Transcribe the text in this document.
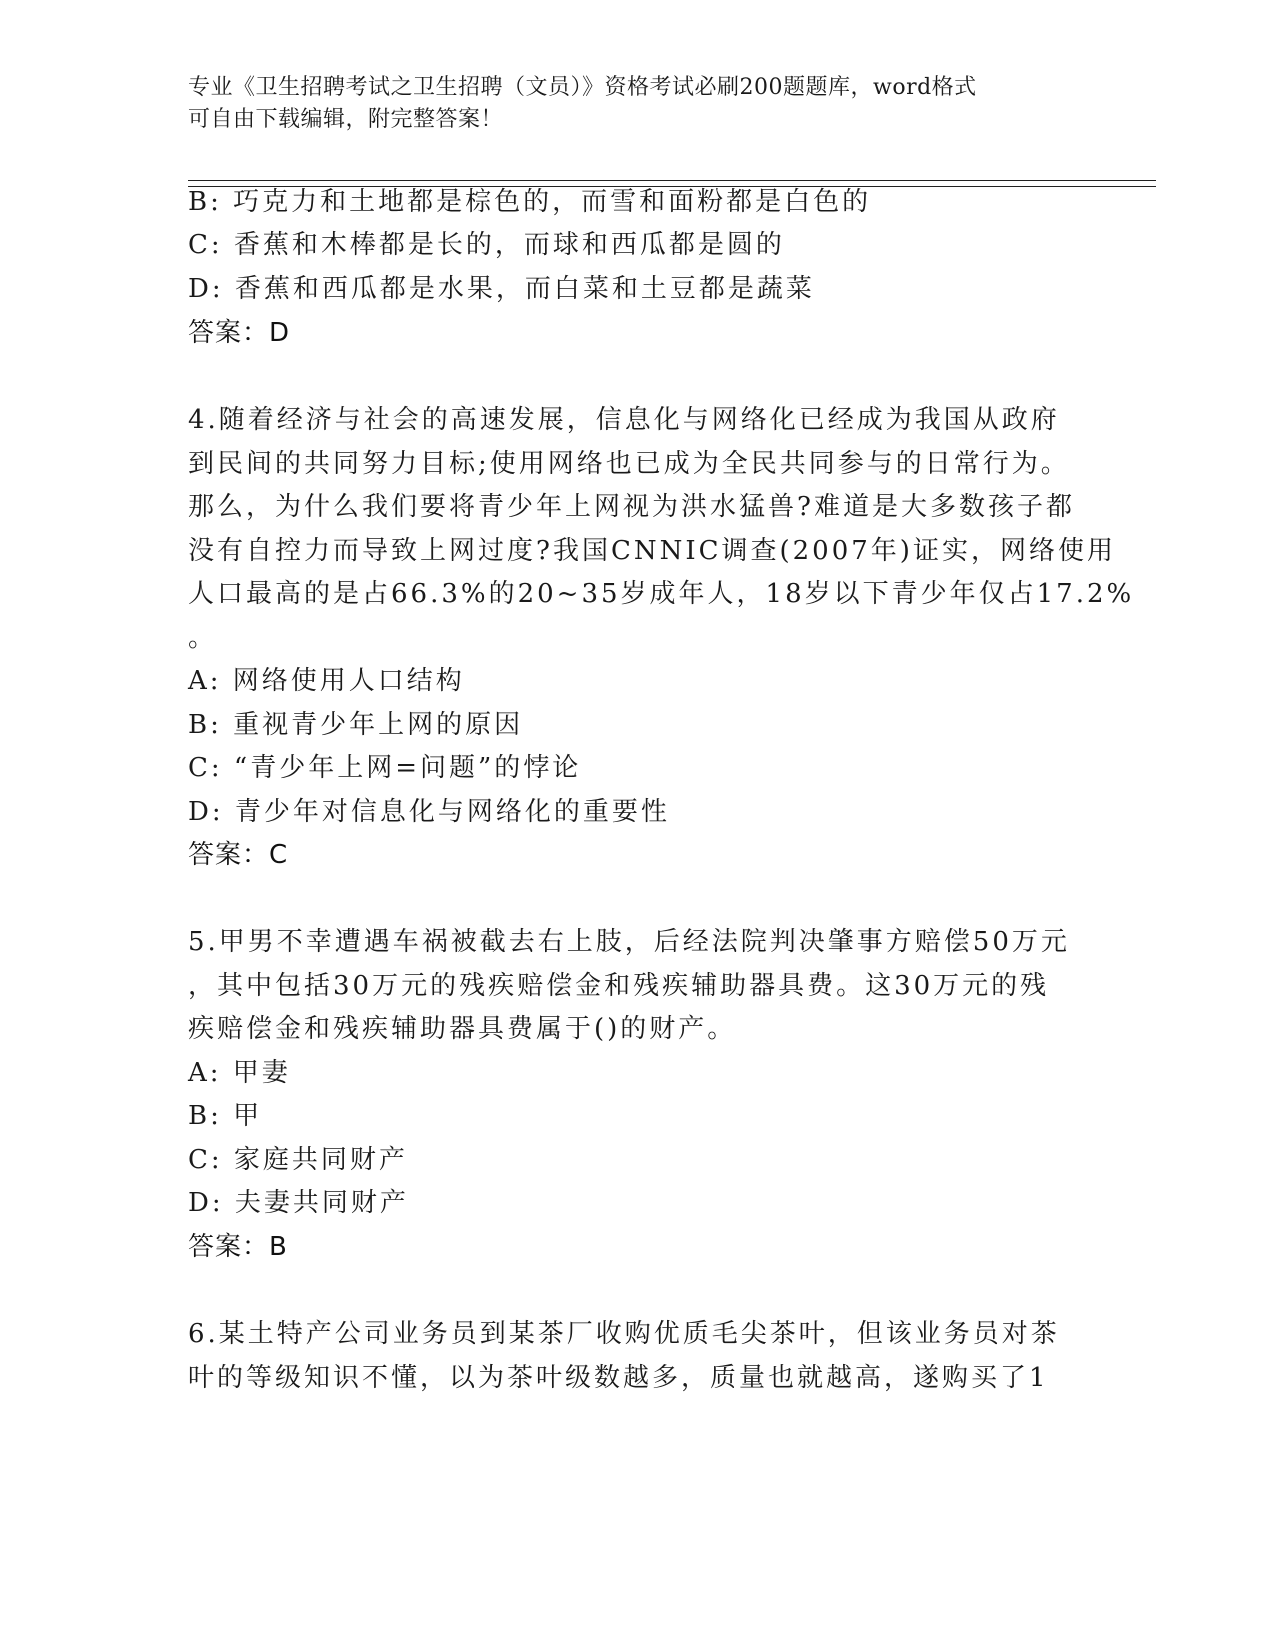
专业《卫生招聘考试之卫生招聘（文员）》资格考试必刷200题题库，word格式
可自由下载编辑，附完整答案！
B: 巧克力和土地都是棕色的，而雪和面粉都是白色的
C: 香蕉和木棒都是长的，而球和西瓜都是圆的
D: 香蕉和西瓜都是水果，而白菜和土豆都是蔬菜
答案：D
4.随着经济与社会的高速发展，信息化与网络化已经成为我国从政府
到民间的共同努力目标;使用网络也已成为全民共同参与的日常行为。
那么，为什么我们要将青少年上网视为洪水猛兽?难道是大多数孩子都
没有自控力而导致上网过度?我国CNNIC调查(2007年)证实，网络使用
人口最高的是占66.3%的20~35岁成年人，18岁以下青少年仅占17.2%
。
A: 网络使用人口结构
B: 重视青少年上网的原因
C: “青少年上网=问题”的悖论
D: 青少年对信息化与网络化的重要性
答案：C
5.甲男不幸遭遇车祸被截去右上肢，后经法院判决肇事方赔偿50万元
，其中包括30万元的残疾赔偿金和残疾辅助器具费。这30万元的残
疾赔偿金和残疾辅助器具费属于()的财产。
A: 甲妻
B: 甲
C: 家庭共同财产
D: 夫妻共同财产
答案：B
6.某土特产公司业务员到某茶厂收购优质毛尖茶叶，但该业务员对茶
叶的等级知识不懂，以为茶叶级数越多，质量也就越高，遂购买了1
